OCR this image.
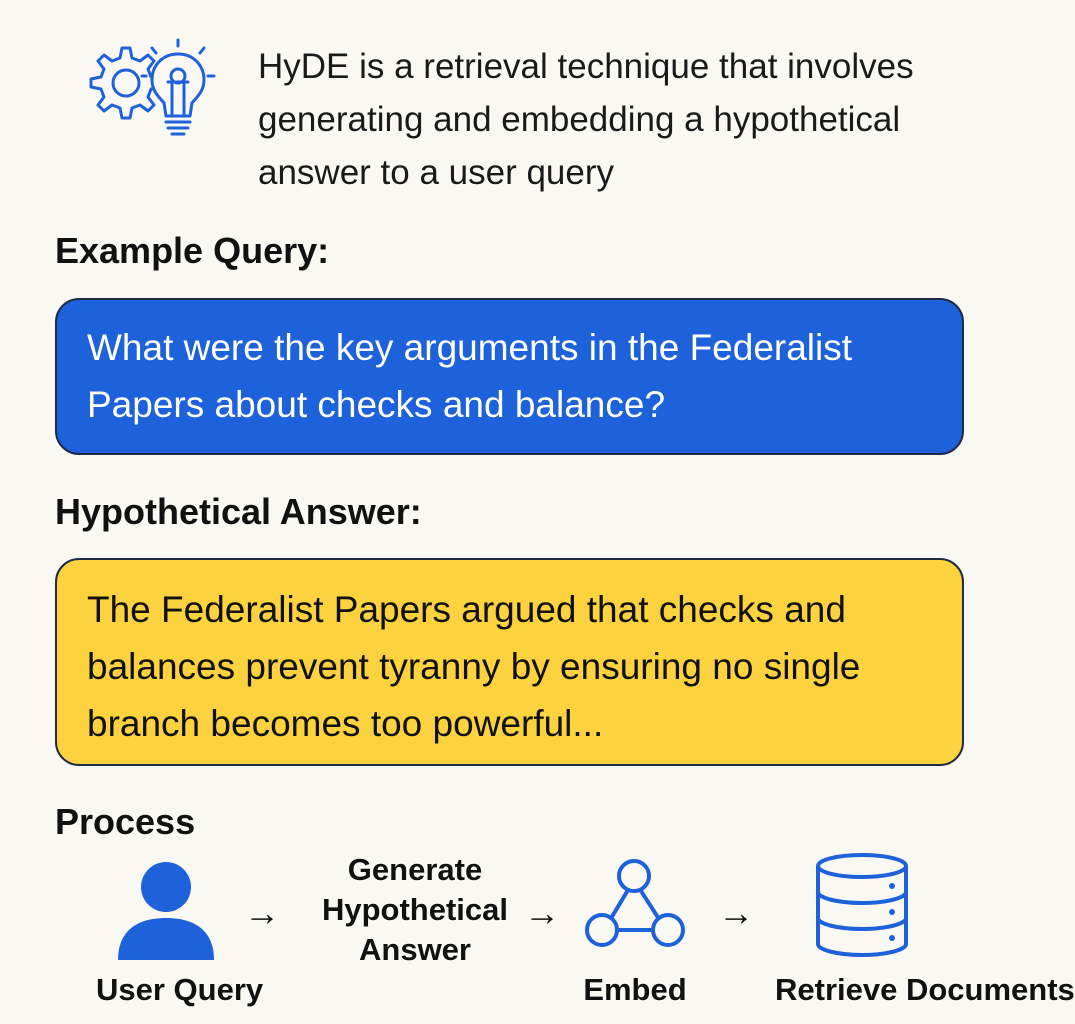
HyDE is a retrieval technique that involves generating and embedding a hypothetical answer to a user query
Example Query:
What were the key arguments in the Federalist Papers about checks and balance?
Hypothetical Answer:
The Federalist Papers argued that checks and balances prevent tyranny by ensuring no single branch becomes too powerful...
Process
User Query
→
Generate Hypothetical Answer
→
Embed
→
Retrieve Documents
